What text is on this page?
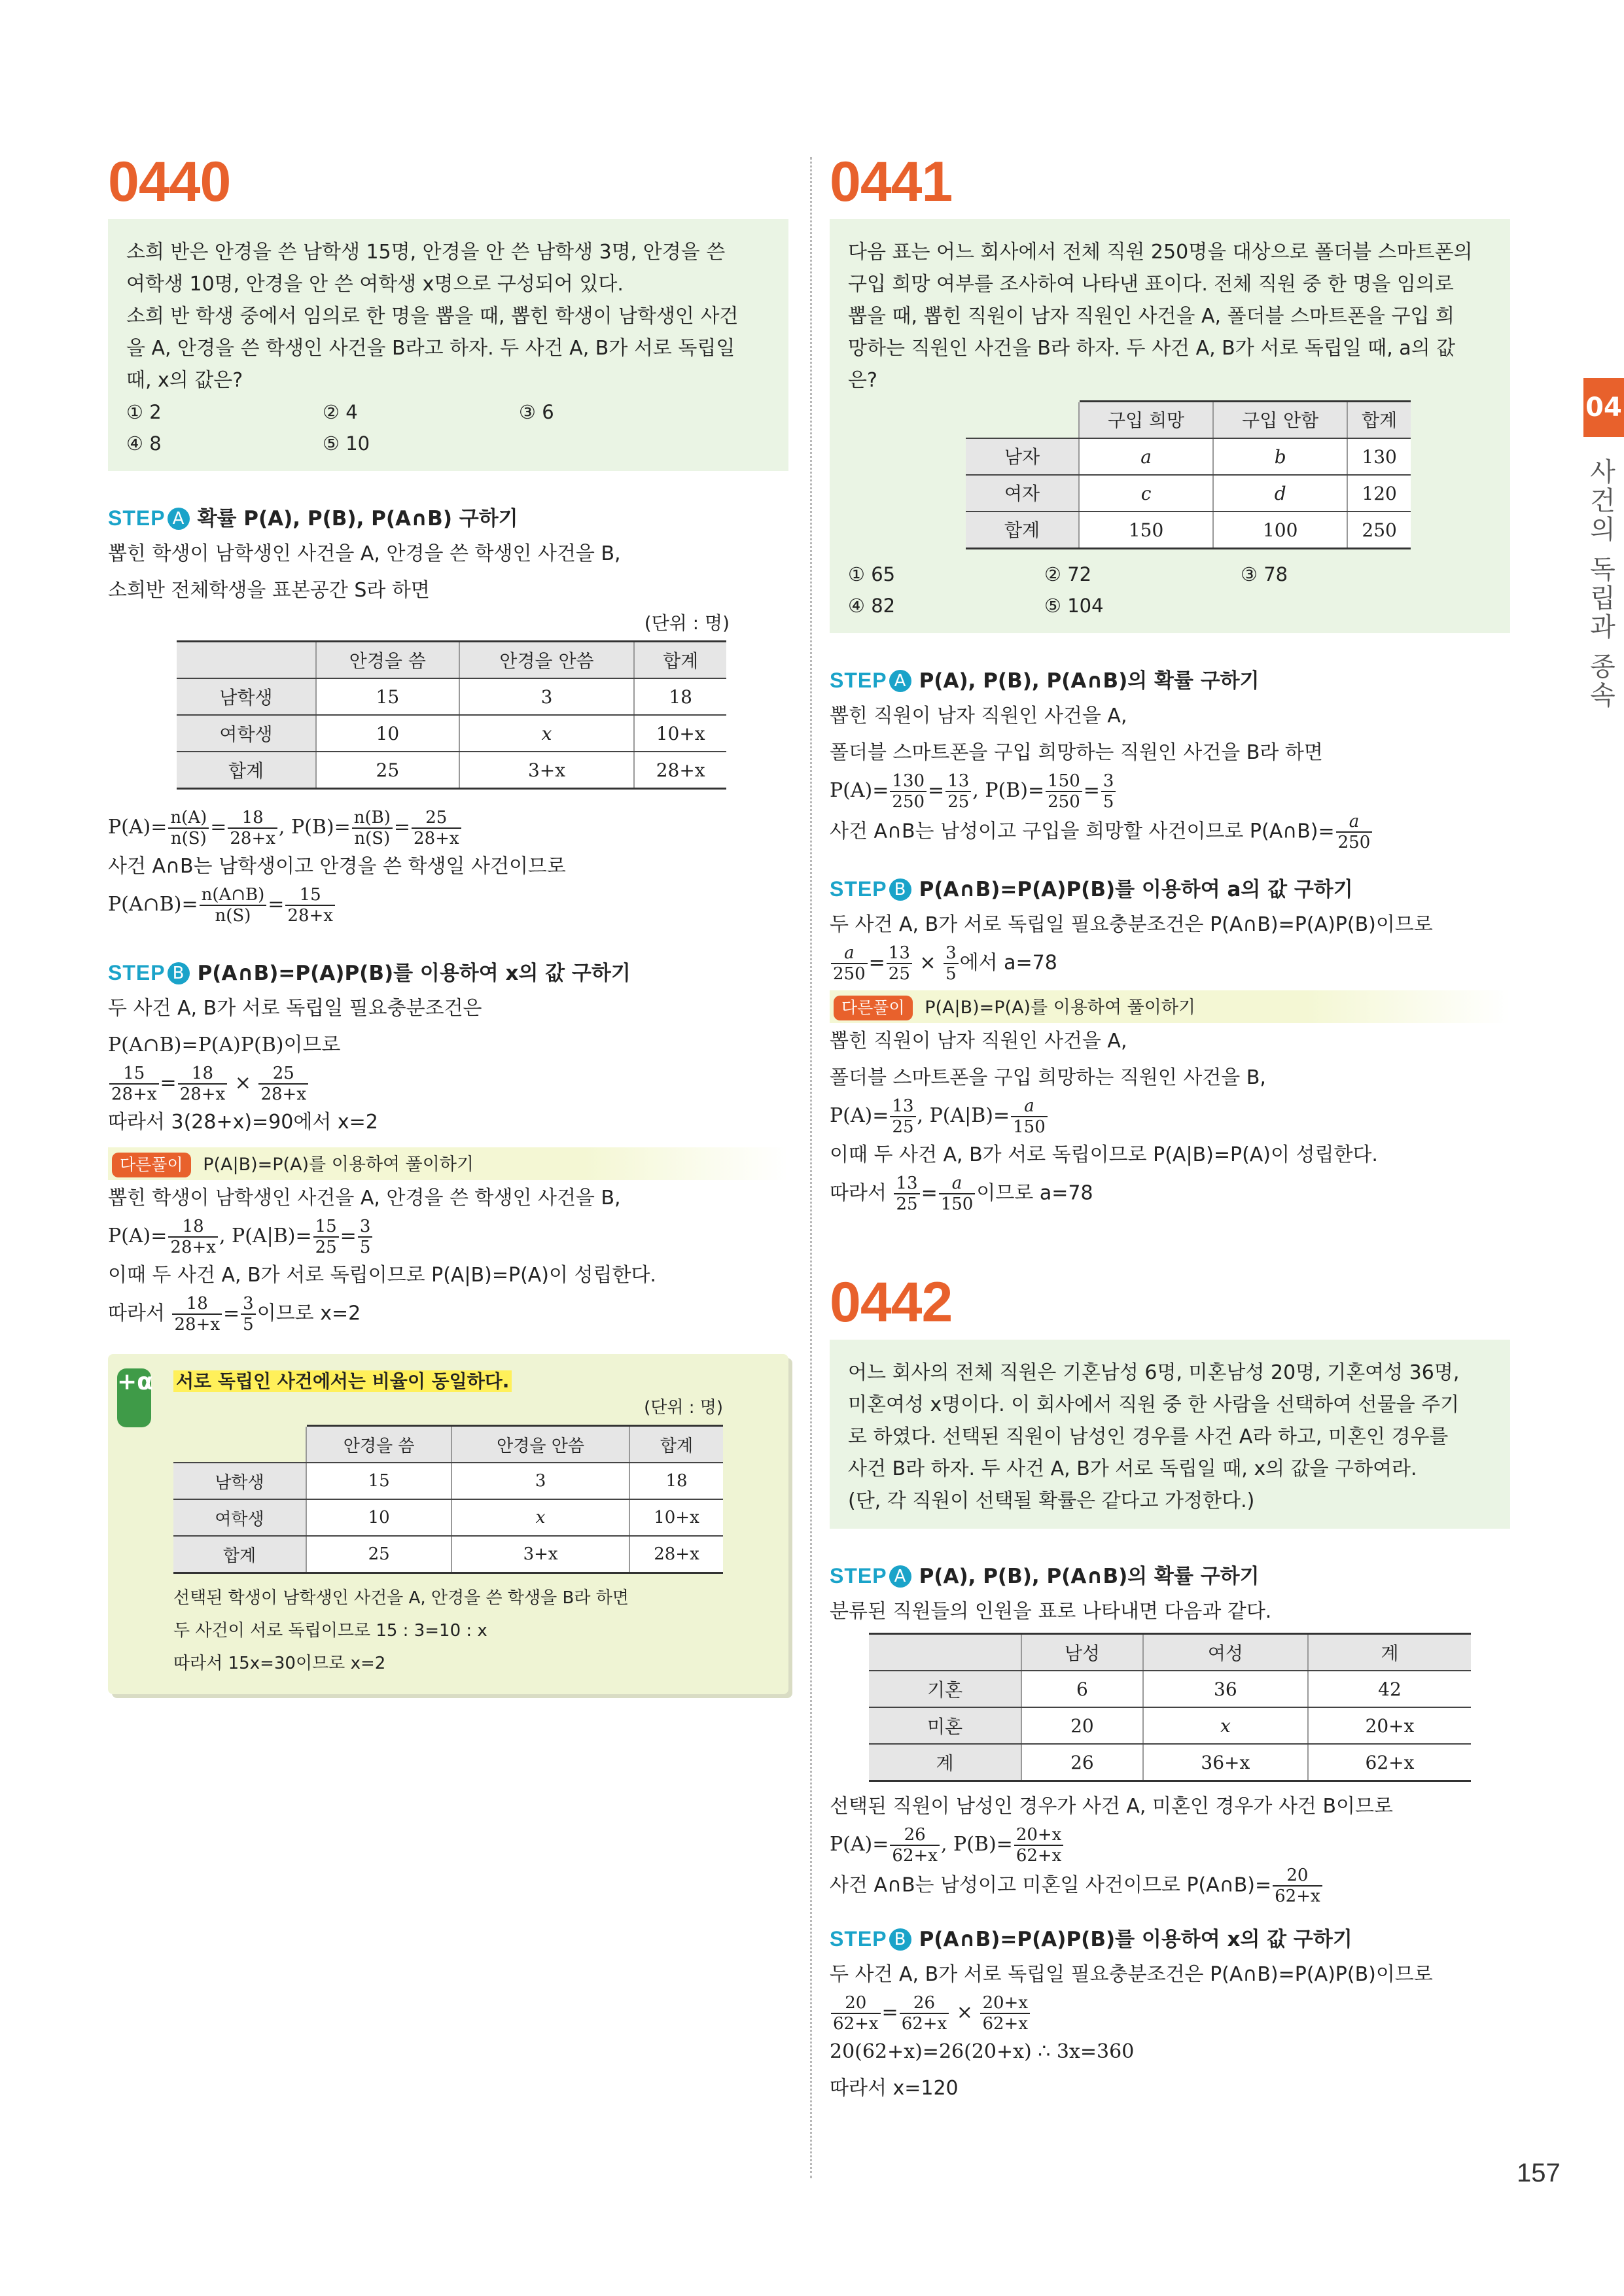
04
사건의 독립과 종속
0440

소희 반은 안경을 쓴 남학생 15명, 안경을 안 쓴 남학생 3명, 안경을 쓴

여학생 10명, 안경을 안 쓴 여학생 x명으로 구성되어 있다.

소희 반 학생 중에서 임의로 한 명을 뽑을 때, 뽑힌 학생이 남학생인 사건

을 A, 안경을 쓴 학생인 사건을 B라고 하자. 두 사건 A, B가 서로 독립일

때, x의 값은?

① 2	② 4	③ 6
④ 8	⑤ 10
STEP A 확률 P(A), P(B), P(A∩B) 구하기
뽑힌 학생이 남학생인 사건을 A, 안경을 쓴 학생인 사건을 B,
소희반 전체학생을 표본공간 S라 하면
(단위 : 명)
	안경을 씀	안경을 안씀	합계
남학생	15	3	18
여학생	10	x	10+x
합계	25	3+x	28+x
$P(A)= \frac{n(A)}{n(S)} = \frac{18}{28+x}$ , $P(B)= \frac{n(B)}{n(S)} = \frac{25}{28+x}$
사건 A∩B는 남학생이고 안경을 쓴 학생일 사건이므로
P(A∩B)= $\frac{n(A\cap B)}{n(S)} = \frac{15}{28+x}$
STEP B P(A∩B)=P(A)P(B)를 이용하여 x의 값 구하기
두 사건 A, B가 서로 독립일 필요충분조건은
P(A∩B)=P(A)P(B)이므로
$\frac{15}{28+x} = \frac{18}{28+x} \times \frac{25}{28+x}$
따라서 3(28+x)=90에서 x=2
다른풀이 P(A|B)=P(A)를 이용하여 풀이하기
뽑힌 학생이 남학생인 사건을 A, 안경을 쓴 학생인 사건을 B,
$P(A)= \frac{18}{28+x}$ , $P(A|B)= \frac{15}{25} = \frac{3}{5}$
이때 두 사건 A, B가 서로 독립이므로 P(A|B)=P(A)이 성립한다.
따라서 $\frac{18}{28+x} = \frac{3}{5}$ 이므로 x=2
+α 서로 독립인 사건에서는 비율이 동일하다.
(단위 : 명)
	안경을 씀	안경을 안씀	합계
남학생	15	3	18
여학생	10	x	10+x
합계	25	3+x	28+x
선택된 학생이 남학생인 사건을 A, 안경을 쓴 학생을 B라 하면
두 사건이 서로 독립이므로 15 : 3=10 : x
따라서 15x=30이므로 x=2
0441

다음 표는 어느 회사에서 전체 직원 250명을 대상으로 폴더블 스마트폰의

구입 희망 여부를 조사하여 나타낸 표이다. 전체 직원 중 한 명을 임의로

뽑을 때, 뽑힌 직원이 남자 직원인 사건을 A, 폴더블 스마트폰을 구입 희

망하는 직원인 사건을 B라 하자. 두 사건 A, B가 서로 독립일 때, a의 값

은?

	구입 희망	구입 안함	합계
남자	a	b	130
여자	c	d	120
합계	150	100	250
① 65	② 72	③ 78
④ 82	⑤ 104
STEP A P(A), P(B), P(A∩B)의 확률 구하기
뽑힌 직원이 남자 직원인 사건을 A,
폴더블 스마트폰을 구입 희망하는 직원인 사건을 B라 하면
$P(A)= \frac{130}{250} = \frac{13}{25}$ , $P(B)= \frac{150}{250} = \frac{3}{5}$
사건 A∩B는 남성이고 구입을 희망할 사건이므로 P(A∩B)= $\frac{a}{250}$
STEP B P(A∩B)=P(A)P(B)를 이용하여 a의 값 구하기
두 사건 A, B가 서로 독립일 필요충분조건은 P(A∩B)=P(A)P(B)이므로
$\frac{a}{250} = \frac{13}{25} \times \frac{3}{5}$ 에서 a=78
다른풀이 P(A|B)=P(A)를 이용하여 풀이하기
뽑힌 직원이 남자 직원인 사건을 A,
폴더블 스마트폰을 구입 희망하는 직원인 사건을 B,
$P(A)= \frac{13}{25}$ , $P(A|B)= \frac{a}{150}$
이때 두 사건 A, B가 서로 독립이므로 P(A|B)=P(A)이 성립한다.
따라서 $\frac{13}{25} = \frac{a}{150}$ 이므로 a=78
0442

어느 회사의 전체 직원은 기혼남성 6명, 미혼남성 20명, 기혼여성 36명,

미혼여성 x명이다. 이 회사에서 직원 중 한 사람을 선택하여 선물을 주기

로 하였다. 선택된 직원이 남성인 경우를 사건 A라 하고, 미혼인 경우를

사건 B라 하자. 두 사건 A, B가 서로 독립일 때, x의 값을 구하여라.

(단, 각 직원이 선택될 확률은 같다고 가정한다.)

STEP A P(A), P(B), P(A∩B)의 확률 구하기
분류된 직원들의 인원을 표로 나타내면 다음과 같다.
	남성	여성	계
기혼	6	36	42
미혼	20	x	20+x
계	26	36+x	62+x
선택된 직원이 남성인 경우가 사건 A, 미혼인 경우가 사건 B이므로
$P(A)= \frac{26}{62+x}$ , $P(B)= \frac{20+x}{62+x}$
사건 A∩B는 남성이고 미혼일 사건이므로 P(A∩B)= $\frac{20}{62+x}$
STEP B P(A∩B)=P(A)P(B)를 이용하여 x의 값 구하기
두 사건 A, B가 서로 독립일 필요충분조건은 P(A∩B)=P(A)P(B)이므로
$\frac{20}{62+x} = \frac{26}{62+x} \times \frac{20+x}{62+x}$
20(62+x)=26(20+x) ∴ 3x=360
따라서 x=120
157
